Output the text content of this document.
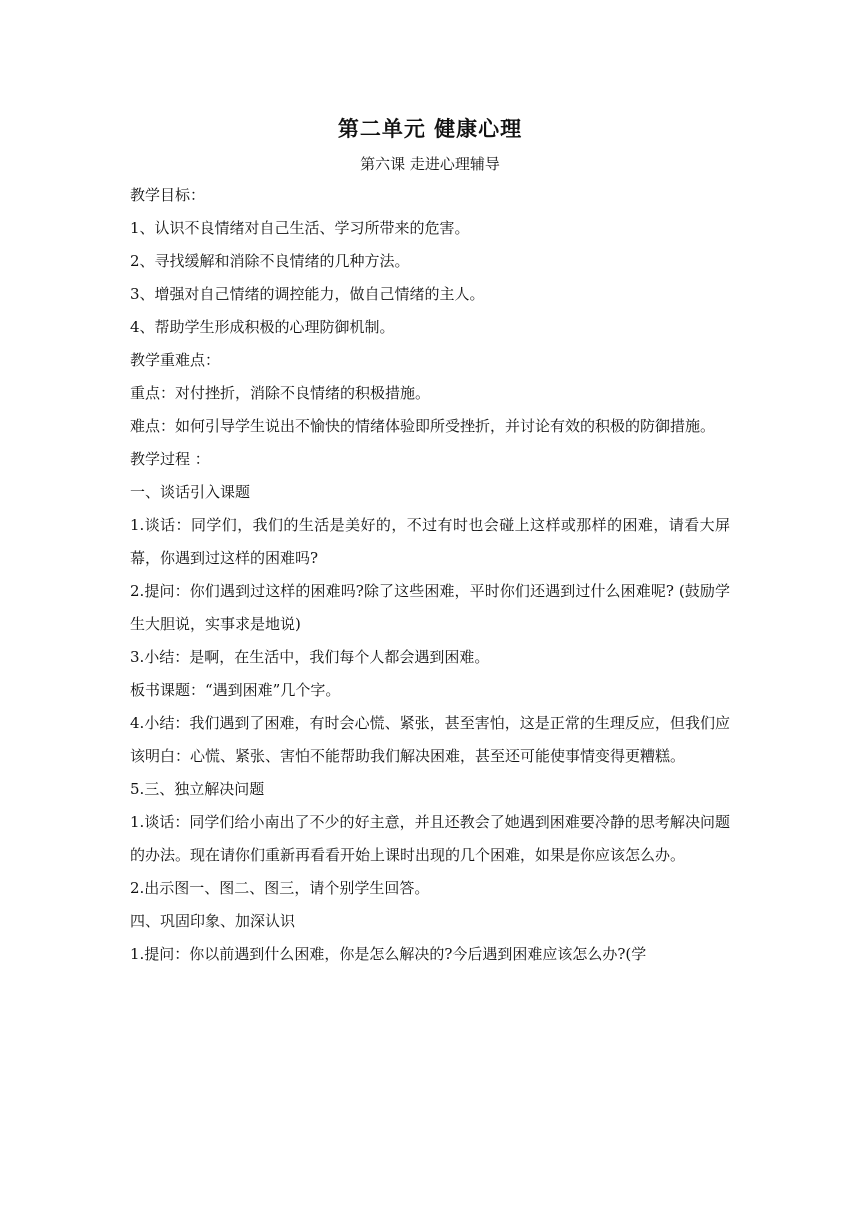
第二单元 健康心理
第六课 走进心理辅导

教学目标：

1、认识不良情绪对自己生活、学习所带来的危害。

2、寻找缓解和消除不良情绪的几种方法。

3、增强对自己情绪的调控能力，做自己情绪的主人。

4、帮助学生形成积极的心理防御机制。

教学重难点：

重点：对付挫折，消除不良情绪的积极措施。

难点：如何引导学生说出不愉快的情绪体验即所受挫折，并讨论有效的积极的防御措施。

教学过程 ：

一、谈话引入课题

1.谈话：同学们，我们的生活是美好的，不过有时也会碰上这样或那样的困难，请看大屏幕，你遇到过这样的困难吗?

2.提问：你们遇到过这样的困难吗?除了这些困难，平时你们还遇到过什么困难呢? (鼓励学生大胆说，实事求是地说)

3.小结：是啊，在生活中，我们每个人都会遇到困难。

板书课题：“遇到困难”几个字。

4.小结：我们遇到了困难，有时会心慌、紧张，甚至害怕，这是正常的生理反应，但我们应该明白：心慌、紧张、害怕不能帮助我们解决困难，甚至还可能使事情变得更糟糕。

5.三、独立解决问题

1.谈话：同学们给小南出了不少的好主意，并且还教会了她遇到困难要冷静的思考解决问题的办法。现在请你们重新再看看开始上课时出现的几个困难，如果是你应该怎么办。

2.出示图一、图二、图三，请个别学生回答。

四、巩固印象、加深认识

1.提问：你以前遇到什么困难，你是怎么解决的?今后遇到困难应该怎么办?(学
